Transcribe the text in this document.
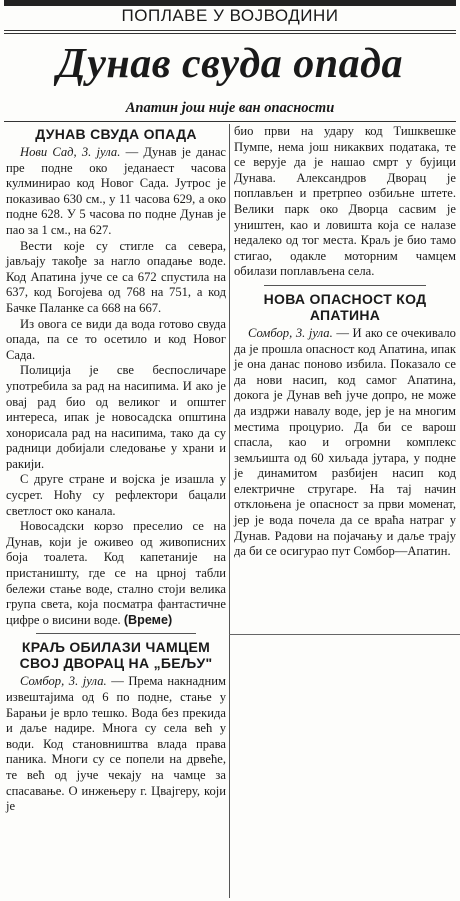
ПОПЛАВЕ У ВОЈВОДИНИ
Дунав свуда опада
Апатин још није ван опасности
ДУНАВ СВУДА ОПАДА

Нови Сад, 3. јула. — Дунав је данас пре подне око једанаест часова кулминирао код Новог Сада. Јутрос је показивао 630 см., у 11 часова 629, а око подне 628. У 5 часова по подне Дунав је пао за 1 см., на 627.

Вести које су стигле са севера, јављају такође за нагло опадање воде. Код Апатина јуче се са 672 спустила на 637, код Богојева од 768 на 751, а код Бачке Паланке са 668 на 667.

Из овога се види да вода готово свуда опада, па се то осетило и код Новог Сада.

Полиција је све беспосличаре употребила за рад на насипима. И ако је овај рад био од великог и општег интереса, ипак је новосадска општина хонорисала рад на насипима, тако да су радници добијали следовање у храни и ракији.

С друге стране и војска је изашла у сусрет. Ноћу су рефлектори бацали светлост око канала.

Новосадски корзо преселио се на Дунав, који је оживео од живописних боја тоалета. Код капетаније на пристаништу, где се на црној табли бележи стање воде, стално стоји велика група света, која посматра фантастичне цифре о висини воде. (Време)

КРАЉ ОБИЛАЗИ ЧАМЦЕМ СВОЈ ДВОРАЦ НА „БЕЉУ"

Сомбор, 3. јула. — Према накнадним извештајима од 6 по подне, стање у Барањи је врло тешко. Вода без прекида и даље надире. Многа су села већ у води. Код становништва влада права паника. Многи су се попели на дрвеће, те већ од јуче чекају на чамце за спасавање. О инжењеру г. Цвајгеру, који је

био први на удару код Тишквешке Пумпе, нема још никаквих података, те се верује да је нашао смрт у бујици Дунава. Александров Дворац је поплављен и претрпео озбиљне штете. Велики парк око Дворца сасвим је уништен, као и ловишта која се налазе недалеко од тог места. Краљ је био тамо стигао, одакле моторним чамцем обилази поплављена села.

НОВА ОПАСНОСТ КОД АПАТИНА

Сомбор, 3. јула. — И ако се очекивало да је прошла опасност код Апатина, ипак је она данас поново избила. Показало се да нови насип, код самог Апатина, докога је Дунав већ јуче допро, не може да издржи навалу воде, јер је на многим местима процурио. Да би се варош спасла, као и огромни комплекс земљишта од 60 хиљада јутара, у подне је динамитом разбијен насип код електричне стругаре. На тај начин отклоњена је опасност за први моменат, јер је вода почела да се враћа натраг у Дунав. Радови на појачању и даље трају да би се осигурао пут Сомбор—Апатин.
